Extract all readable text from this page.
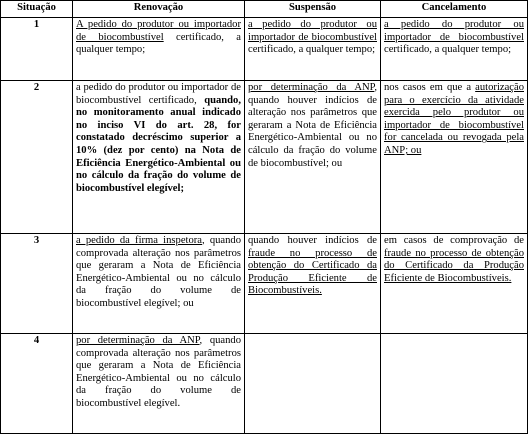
Situação	Renovação	Suspensão	Cancelamento
1	A pedido do produtor ou importador de biocombustível certificado, a qualquer tempo;	a pedido do produtor ou importador de biocombustível certificado, a qualquer tempo;	a pedido do produtor ou importador de biocombustível certificado, a qualquer tempo;
2	a pedido do produtor ou importador de biocombustível certificado, quando, no monitoramento anual indicado no inciso VI do art. 28, for constatado decréscimo superior a 10% (dez por cento) na Nota de Eficiência Energético-Ambiental ou no cálculo da fração do volume de biocombustível elegível;	por determinação da ANP, quando houver indícios de alteração nos parâmetros que geraram a Nota de Eficiência Energético-Ambiental ou no cálculo da fração do volume de biocombustível; ou	nos casos em que a autorização para o exercício da atividade exercida pelo produtor ou importador de biocombustível for cancelada ou revogada pela ANP; ou
3	a pedido da firma inspetora, quando comprovada alteração nos parâmetros que geraram a Nota de Eficiência Energético-Ambiental ou no cálculo da fração do volume de biocombustível elegível; ou	quando houver indícios de fraude no processo de obtenção do Certificado da Produção Eficiente de Biocombustíveis.	em casos de comprovação de fraude no processo de obtenção do Certificado da Produção Eficiente de Biocombustíveis.
4	por determinação da ANP, quando comprovada alteração nos parâmetros que geraram a Nota de Eficiência Energético-Ambiental ou no cálculo da fração do volume de biocombustível elegível.		
